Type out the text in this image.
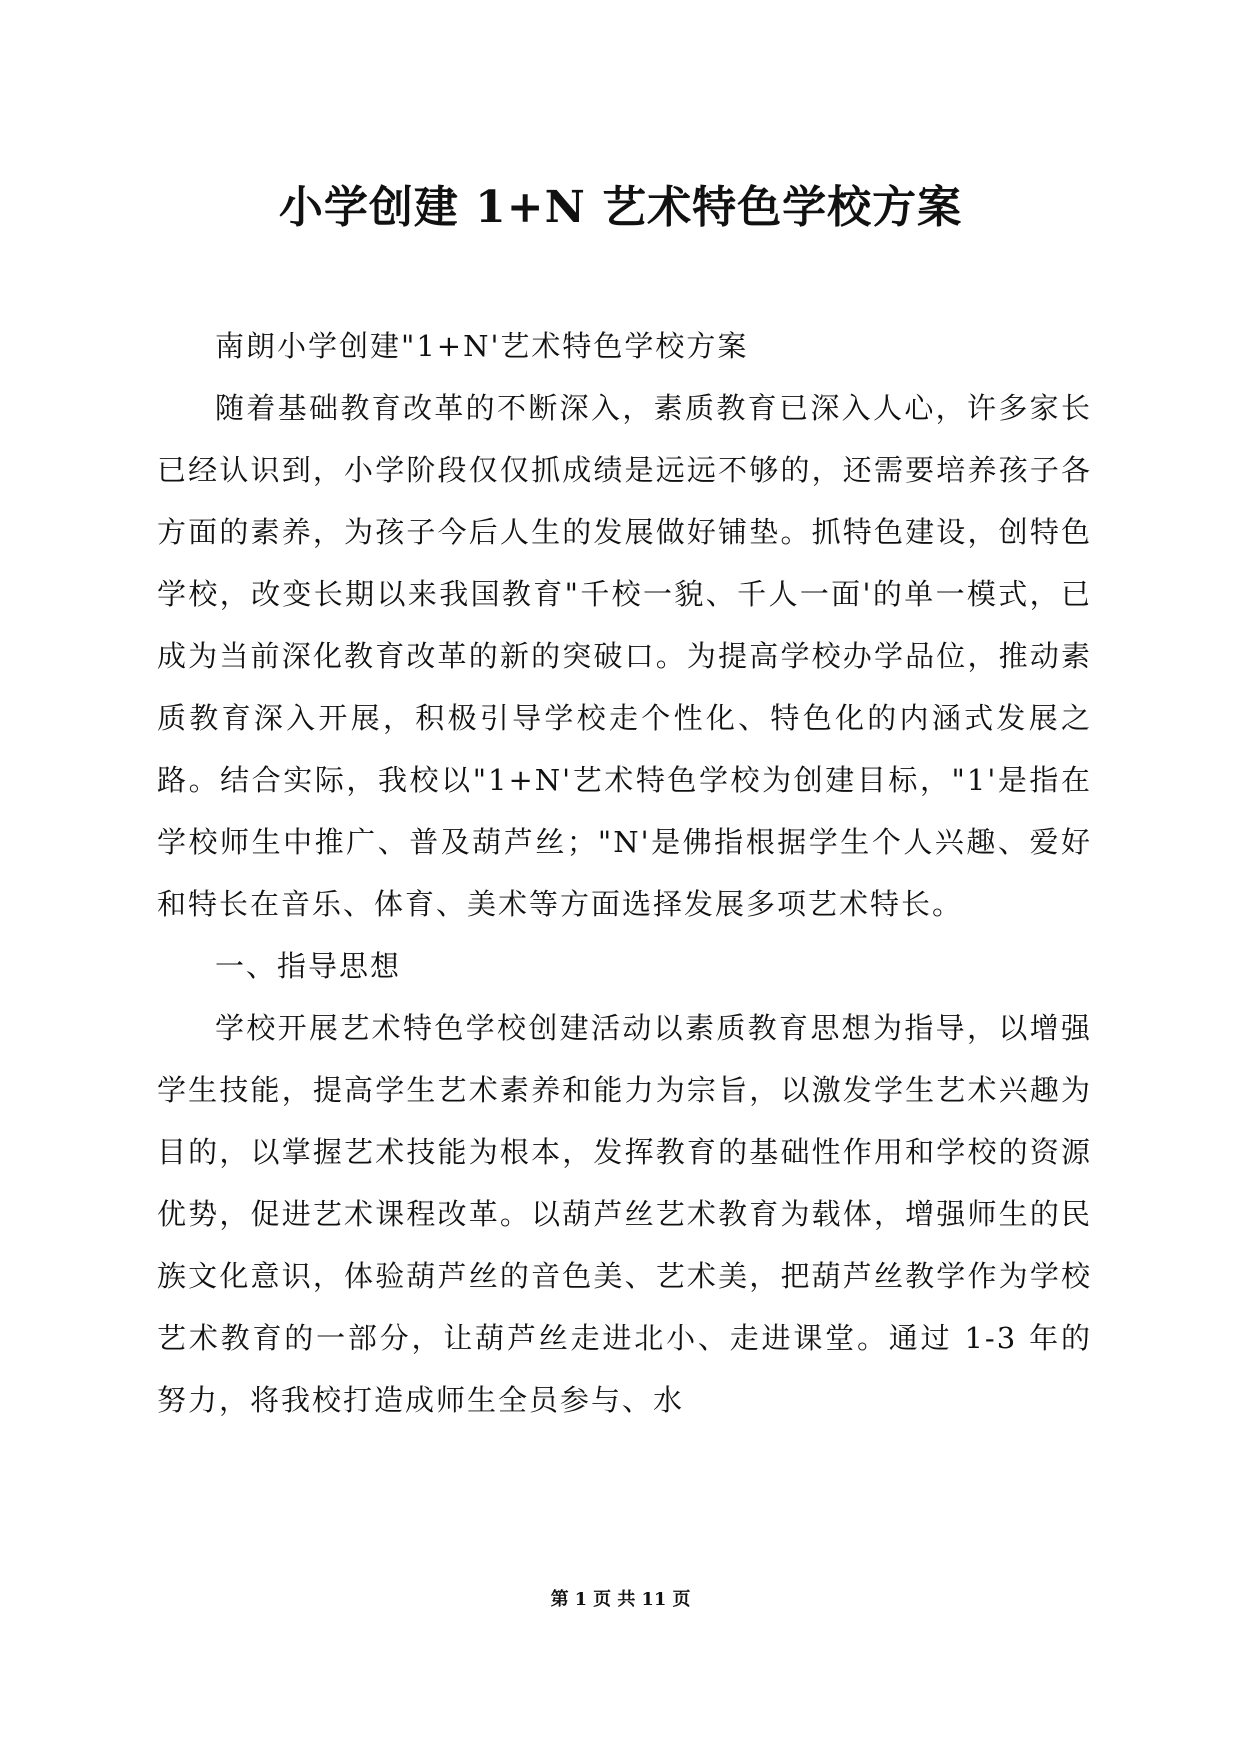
小学创建 1+N 艺术特色学校方案

南朗小学创建"1+N'艺术特色学校方案

随着基础教育改革的不断深入，素质教育已深入人心，许多家长已经认识到，小学阶段仅仅抓成绩是远远不够的，还需要培养孩子各方面的素养，为孩子今后人生的发展做好铺垫。抓特色建设，创特色学校，改变长期以来我国教育"千校一貌、千人一面'的单一模式，已成为当前深化教育改革的新的突破口。为提高学校办学品位，推动素质教育深入开展，积极引导学校走个性化、特色化的内涵式发展之路。结合实际，我校以"1+N'艺术特色学校为创建目标，"1'是指在学校师生中推广、普及葫芦丝；"N'是佛指根据学生个人兴趣、爱好和特长在音乐、体育、美术等方面选择发展多项艺术特长。

一、指导思想

学校开展艺术特色学校创建活动以素质教育思想为指导，以增强学生技能，提高学生艺术素养和能力为宗旨，以激发学生艺术兴趣为目的，以掌握艺术技能为根本，发挥教育的基础性作用和学校的资源优势，促进艺术课程改革。以葫芦丝艺术教育为载体，增强师生的民族文化意识，体验葫芦丝的音色美、艺术美，把葫芦丝教学作为学校艺术教育的一部分，让葫芦丝走进北小、走进课堂。通过 1-3 年的努力，将我校打造成师生全员参与、水

第 1 页 共 11 页
